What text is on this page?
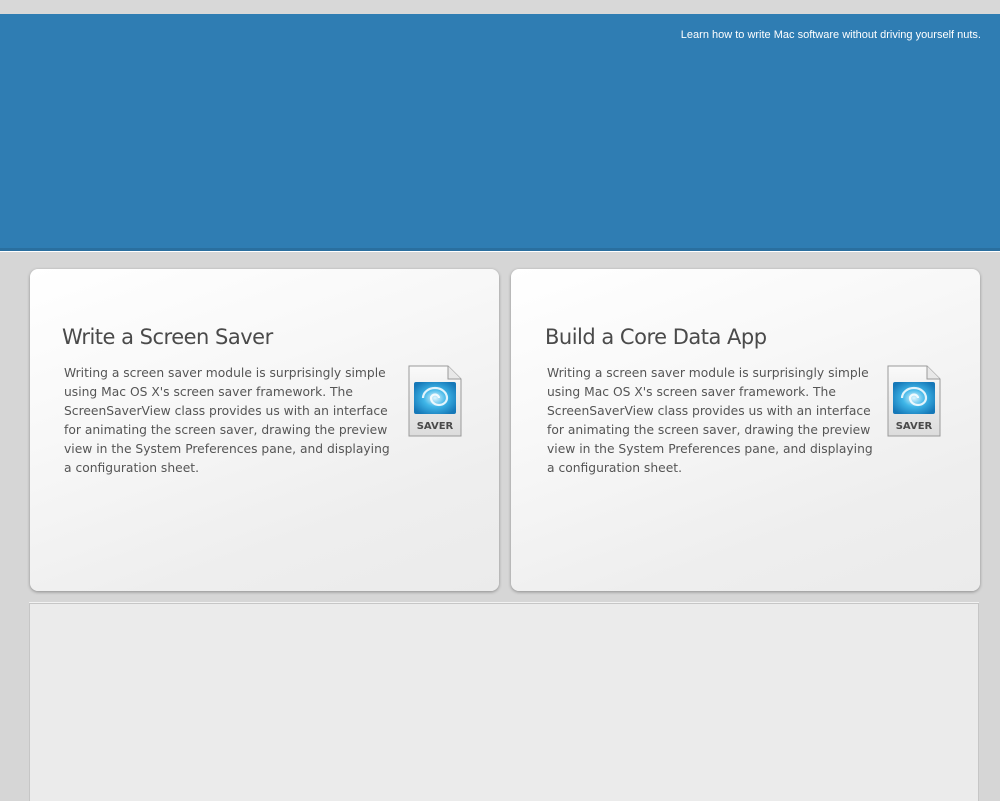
Learn how to write Mac software without driving yourself nuts.
Write a Screen Saver

Writing a screen saver module is surprisingly simple using Mac OS X's screen saver framework. The ScreenSaverView class provides us with an interface for animating the screen saver, drawing the preview view in the System Preferences pane, and displaying a configuration sheet.

SAVER
Build a Core Data App

Writing a screen saver module is surprisingly simple using Mac OS X's screen saver framework. The ScreenSaverView class provides us with an interface for animating the screen saver, drawing the preview view in the System Preferences pane, and displaying a configuration sheet.

SAVER
